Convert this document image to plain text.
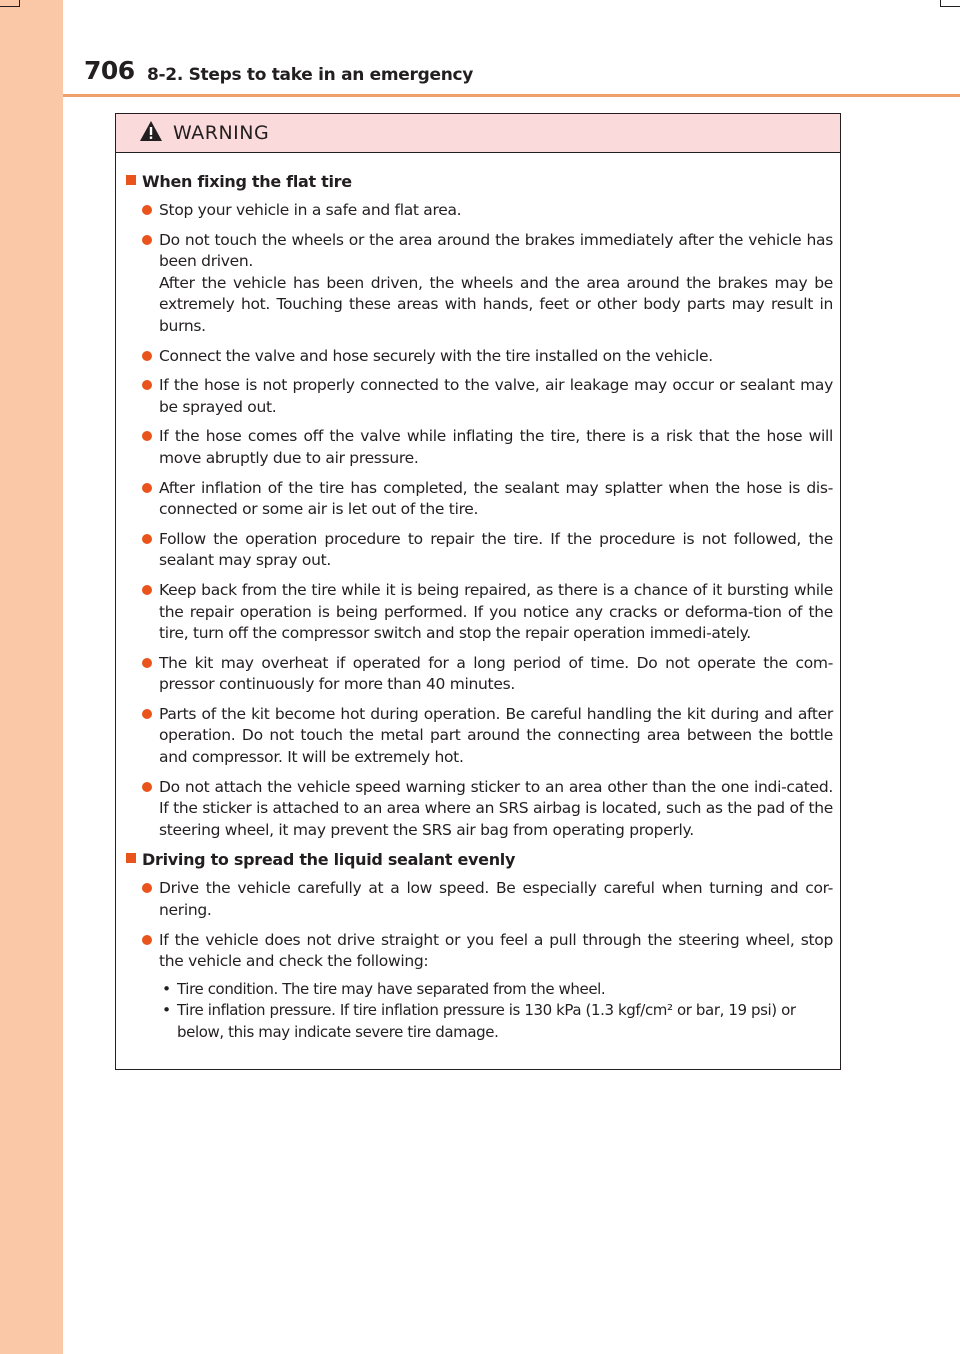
706 8-2. Steps to take in an emergency
WARNING
When fixing the flat tire
Stop your vehicle in a safe and flat area.
Do not touch the wheels or the area around the brakes immediately after the vehicle has been driven.
After the vehicle has been driven, the wheels and the area around the brakes may be extremely hot. Touching these areas with hands, feet or other body parts may result in burns.
Connect the valve and hose securely with the tire installed on the vehicle.
If the hose is not properly connected to the valve, air leakage may occur or sealant may be sprayed out.
If the hose comes off the valve while inflating the tire, there is a risk that the hose will move abruptly due to air pressure.
After inflation of the tire has completed, the sealant may splatter when the hose is dis-connected or some air is let out of the tire.
Follow the operation procedure to repair the tire. If the procedure is not followed, the sealant may spray out.
Keep back from the tire while it is being repaired, as there is a chance of it bursting while the repair operation is being performed. If you notice any cracks or deforma-tion of the tire, turn off the compressor switch and stop the repair operation immedi-ately.
The kit may overheat if operated for a long period of time. Do not operate the com-pressor continuously for more than 40 minutes.
Parts of the kit become hot during operation. Be careful handling the kit during and after operation. Do not touch the metal part around the connecting area between the bottle and compressor. It will be extremely hot.
Do not attach the vehicle speed warning sticker to an area other than the one indi-cated. If the sticker is attached to an area where an SRS airbag is located, such as the pad of the steering wheel, it may prevent the SRS air bag from operating properly.
Driving to spread the liquid sealant evenly
Drive the vehicle carefully at a low speed. Be especially careful when turning and cor-nering.
If the vehicle does not drive straight or you feel a pull through the steering wheel, stop the vehicle and check the following:
• Tire condition. The tire may have separated from the wheel.
• Tire inflation pressure. If tire inflation pressure is 130 kPa (1.3 kgf/cm² or bar, 19 psi) or below, this may indicate severe tire damage.
